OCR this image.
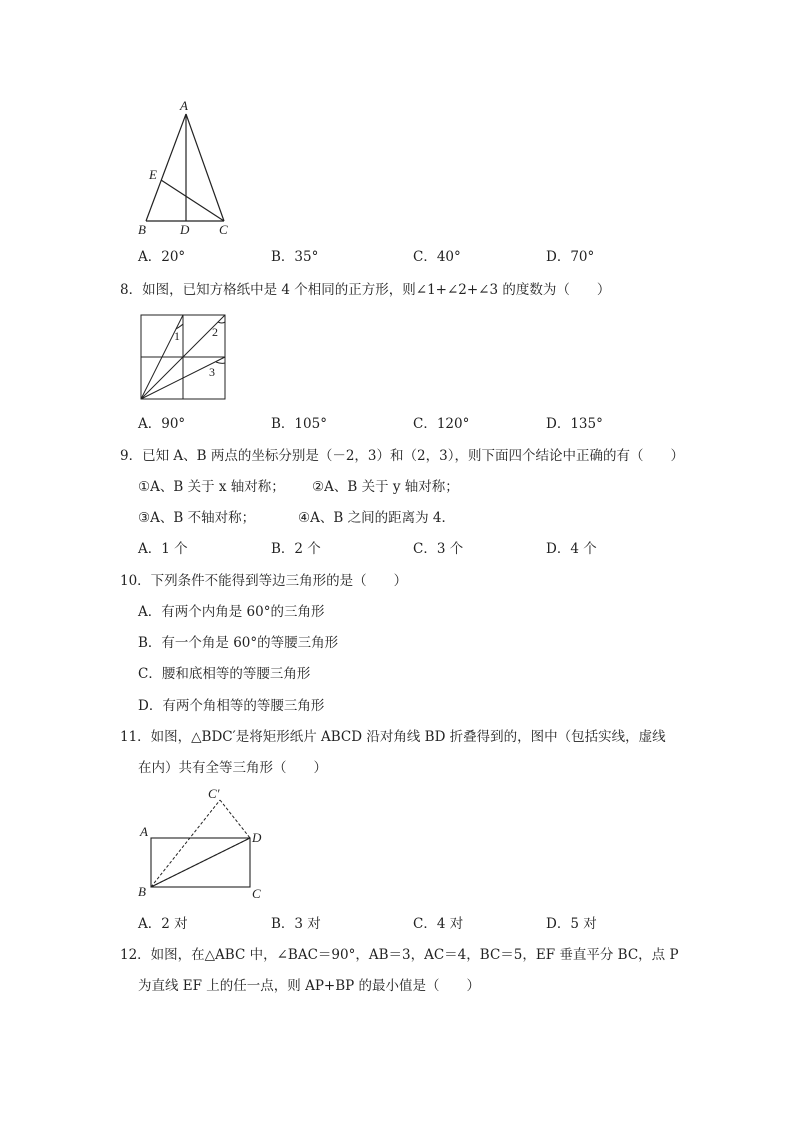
A
E
B	D C
A．20°	B．35°	C．40°	D．70°
8．如图，已知方格纸中是 4 个相同的正方形，则∠1+∠2+∠3 的度数为（　　）
1	2
3
A．90°	B．105°	C．120°	D．135°
9．已知 A、B 两点的坐标分别是（－2，3）和（2，3），则下面四个结论中正确的有（　　）
①A、B 关于 x 轴对称； ②A、B 关于 y 轴对称；
③A、B 不轴对称；	④A、B 之间的距离为 4．
A．1 个	B．2 个	C．3 个	D．4 个
10．下列条件不能得到等边三角形的是（　　）
A．有两个内角是 60°的三角形
B．有一个角是 60°的等腰三角形
C．腰和底相等的等腰三角形
D．有两个角相等的等腰三角形
11．如图，△BDC′是将矩形纸片 ABCD 沿对角线 BD 折叠得到的，图中（包括实线，虚线
在内）共有全等三角形（　　）
C′
A	D
B	C
A．2 对	B．3 对	C．4 对	D．5 对
12．如图，在△ABC 中，∠BAC＝90°，AB＝3，AC＝4，BC＝5，EF 垂直平分 BC，点 P
为直线 EF 上的任一点，则 AP+BP 的最小值是（　　）
